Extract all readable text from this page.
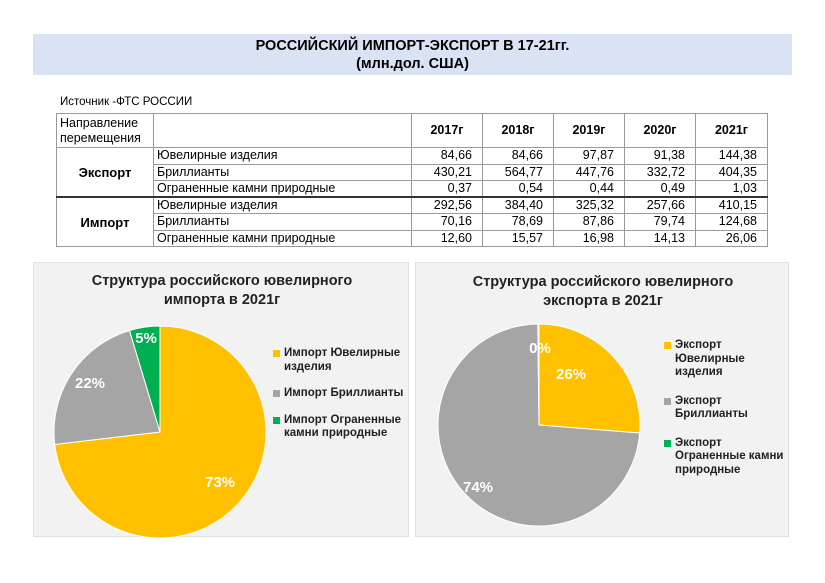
РОССИЙСКИЙ ИМПОРТ-ЭКСПОРТ В 17-21гг.
(млн.дол. США)
Источник -ФТС РОССИИ
Направление перемещения		2017г	2018г	2019г	2020г	2021г
Экспорт	Ювелирные изделия	84,66	84,66	97,87	91,38	144,38
	Бриллианты	430,21	564,77	447,76	332,72	404,35
	Ограненные камни природные	0,37	0,54	0,44	0,49	1,03
Импорт	Ювелирные изделия	292,56	384,40	325,32	257,66	410,15
	Бриллианты	70,16	78,69	87,86	79,74	124,68
	Ограненные камни природные	12,60	15,57	16,98	14,13	26,06
Структура российского ювелирного
импорта в 2021г
73%
22%
5%
Импорт Ювелирные изделия
Импорт Бриллианты
Импорт Ограненные камни природные
Структура российского ювелирного
экспорта в 2021г
26%
74%
0%	Экспорт Ювелирные изделия
Экспорт Бриллианты
Экспорт Ограненные камни природные
